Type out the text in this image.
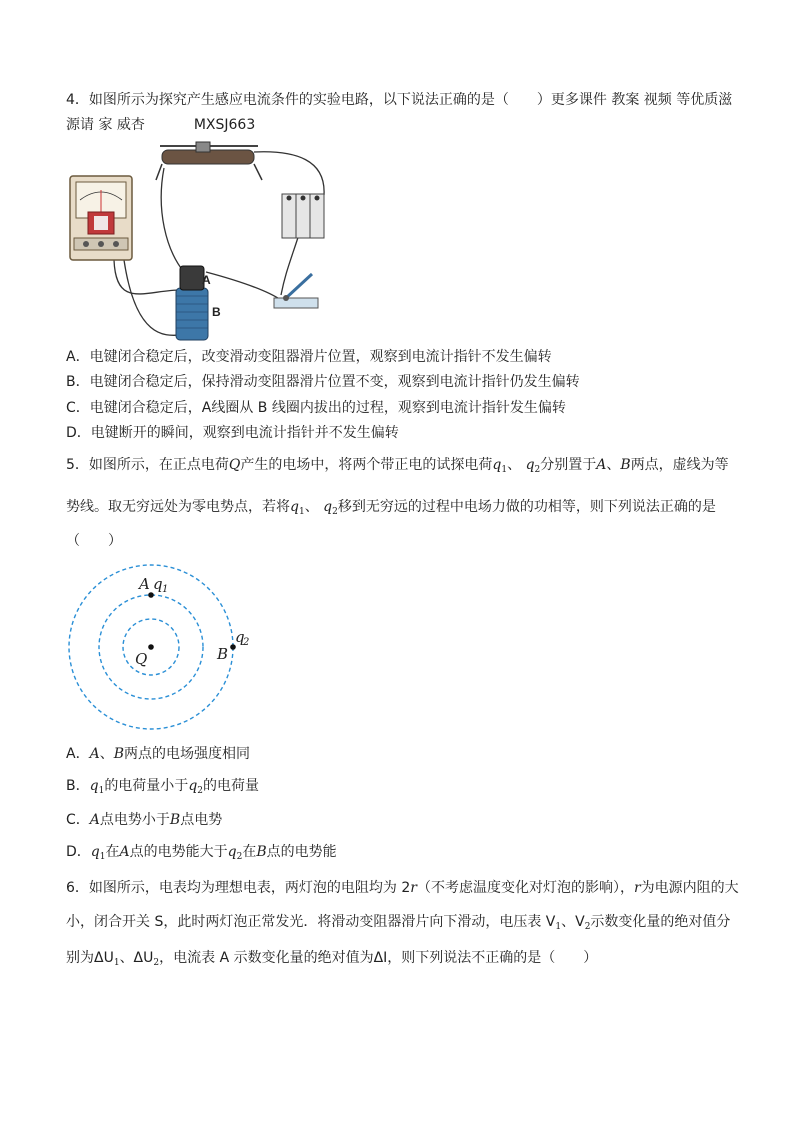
4．如图所示为探究产生感应电流条件的实验电路，以下说法正确的是（　　）更多课件 教案 视频 等优质滋
源请 家 威杏	MXSJ663
A
B
A．电键闭合稳定后，改变滑动变阻器滑片位置，观察到电流计指针不发生偏转
B．电键闭合稳定后，保持滑动变阻器滑片位置不变，观察到电流计指针仍发生偏转
C．电键闭合稳定后，A线圈从 B 线圈内拔出的过程，观察到电流计指针发生偏转
D．电键断开的瞬间，观察到电流计指针并不发生偏转
5．如图所示，在正点电荷Q产生的电场中，将两个带正电的试探电荷$q_1$、 $q_2$分别置于A、B两点，虚线为等
势线。取无穷远处为零电势点，若将$q_1$、 $q_2$移到无穷远的过程中电场力做的功相等，则下列说法正确的是
（　　）
Q
A q 1
B
q
2
A．A、B两点的电场强度相同
B．$q_1$的电荷量小于$q_2$的电荷量
C．A点电势小于B点电势
D．$q_1$在A点的电势能大于$q_2$在B点的电势能
6．如图所示，电表均为理想电表，两灯泡的电阻均为 2r（不考虑温度变化对灯泡的影响），r为电源内阻的大
小，闭合开关 S，此时两灯泡正常发光．将滑动变阻器滑片向下滑动，电压表 $V_1$、$V_2$示数变化量的绝对值分
别为$\Delta U_1$、$\Delta U_2$，电流表 A 示数变化量的绝对值为ΔI，则下列说法不正确的是（　　）
